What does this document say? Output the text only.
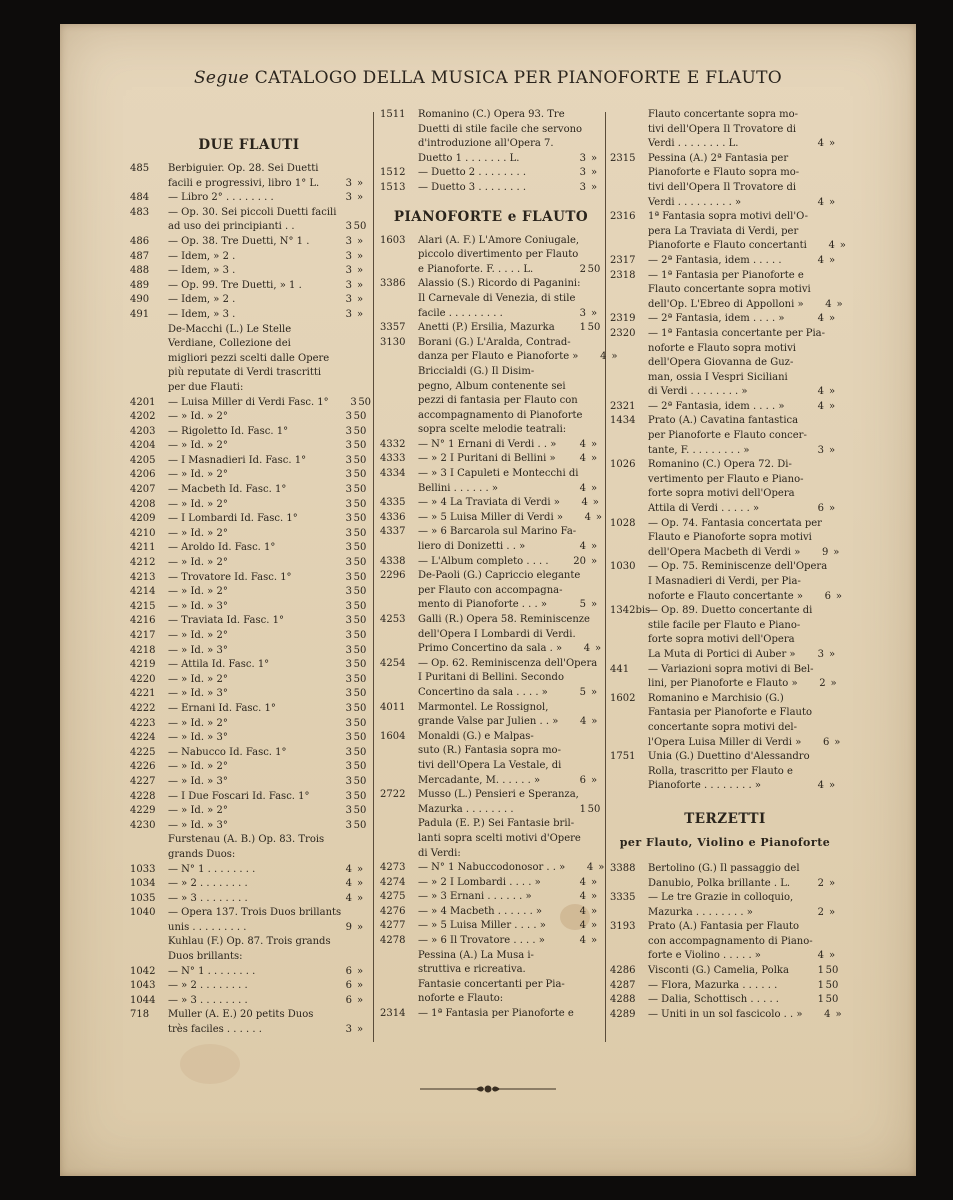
Segue CATALOGO DELLA MUSICA PER PIANOFORTE E FLAUTO
DUE FLAUTI
485	Berbiguier. Op. 28. Sei Duetti
facili e progressivi, libro 1° L.	3 »
484	— Libro 2° . . . . . . . .	3 »
483	— Op. 30. Sei piccoli Duetti facili
ad uso dei principianti . .	3 50
486	— Op. 38. Tre Duetti, N° 1 .	3 »
487	— Idem, » 2 .	3 »
488	— Idem, » 3 .	3 »
489	— Op. 99. Tre Duetti, » 1 .	3 »
490	— Idem, » 2 .	3 »
491	— Idem, » 3 .	3 »
De-Macchi (L.) Le Stelle
Verdiane, Collezione dei
migliori pezzi scelti dalle Opere
più reputate di Verdi trascritti
per due Flauti:
4201	— Luisa Miller di Verdi Fasc. 1°	3 50
4202	— » Id. » 2°	3 50
4203	— Rigoletto Id. Fasc. 1°	3 50
4204	— » Id. » 2°	3 50
4205	— I Masnadieri Id. Fasc. 1°	3 50
4206	— » Id. » 2°	3 50
4207	— Macbeth Id. Fasc. 1°	3 50
4208	— » Id. » 2°	3 50
4209	— I Lombardi Id. Fasc. 1°	3 50
4210	— » Id. » 2°	3 50
4211	— Aroldo Id. Fasc. 1°	3 50
4212	— » Id. » 2°	3 50
4213	— Trovatore Id. Fasc. 1°	3 50
4214	— » Id. » 2°	3 50
4215	— » Id. » 3°	3 50
4216	— Traviata Id. Fasc. 1°	3 50
4217	— » Id. » 2°	3 50
4218	— » Id. » 3°	3 50
4219	— Attila Id. Fasc. 1°	3 50
4220	— » Id. » 2°	3 50
4221	— » Id. » 3°	3 50
4222	— Ernani Id. Fasc. 1°	3 50
4223	— » Id. » 2°	3 50
4224	— » Id. » 3°	3 50
4225	— Nabucco Id. Fasc. 1°	3 50
4226	— » Id. » 2°	3 50
4227	— » Id. » 3°	3 50
4228	— I Due Foscari Id. Fasc. 1°	3 50
4229	— » Id. » 2°	3 50
4230	— » Id. » 3°	3 50
Furstenau (A. B.) Op. 83. Trois
grands Duos:
1033	— N° 1 . . . . . . . .	4 »
1034	— » 2 . . . . . . . .	4 »
1035	— » 3 . . . . . . . .	4 »
1040	— Opera 137. Trois Duos brillants
unis . . . . . . . . .	9 »
Kuhlau (F.) Op. 87. Trois grands
Duos brillants:
1042	— N° 1 . . . . . . . .	6 »
1043	— » 2 . . . . . . . .	6 »
1044	— » 3 . . . . . . . .	6 »
718	Muller (A. E.) 20 petits Duos
très faciles . . . . . .	3 »
1511	Romanino (C.) Opera 93. Tre
Duetti di stile facile che servono
d'introduzione all'Opera 7.
Duetto 1 . . . . . . . L.	3 »
1512	— Duetto 2 . . . . . . . .	3 »
1513	— Duetto 3 . . . . . . . .	3 »
PIANOFORTE e FLAUTO
1603	Alari (A. F.) L'Amore Coniugale,
piccolo divertimento per Flauto
e Pianoforte. F. . . . . L.	2 50
3386	Alassio (S.) Ricordo di Paganini:
Il Carnevale di Venezia, di stile
facile . . . . . . . . .	3 »
3357	Anetti (P.) Ersilia, Mazurka	1 50
3130	Borani (G.) L'Aralda, Contrad-
danza per Flauto e Pianoforte »	4 »
Briccialdi (G.) Il Disim-
pegno, Album contenente sei
pezzi di fantasia per Flauto con
accompagnamento di Pianoforte
sopra scelte melodie teatrali:
4332	— N° 1 Ernani di Verdi . . »	4 »
4333	— » 2 I Puritani di Bellini »	4 »
4334	— » 3 I Capuleti e Montecchi di
Bellini . . . . . . »	4 »
4335	— » 4 La Traviata di Verdi »	4 »
4336	— » 5 Luisa Miller di Verdi »	4 »
4337	— » 6 Barcarola sul Marino Fa-
liero di Donizetti . . »	4 »
4338	— L'Album completo . . . .	20 »
2296	De-Paoli (G.) Capriccio elegante
per Flauto con accompagna-
mento di Pianoforte . . . »	5 »
4253	Galli (R.) Opera 58. Reminiscenze
dell'Opera I Lombardi di Verdi.
Primo Concertino da sala . »	4 »
4254	— Op. 62. Reminiscenza dell'Opera
I Puritani di Bellini. Secondo
Concertino da sala . . . . »	5 »
4011	Marmontel. Le Rossignol,
grande Valse par Julien . . »	4 »
1604	Monaldi (G.) e Malpas-
suto (R.) Fantasia sopra mo-
tivi dell'Opera La Vestale, di
Mercadante, M. . . . . . »	6 »
2722	Musso (L.) Pensieri e Speranza,
Mazurka . . . . . . . .	1 50
Padula (E. P.) Sei Fantasie bril-
lanti sopra scelti motivi d'Opere
di Verdi:
4273	— N° 1 Nabuccodonosor . . »	4 »
4274	— » 2 I Lombardi . . . . »	4 »
4275	— » 3 Ernani . . . . . . »	4 »
4276	— » 4 Macbeth . . . . . . »	4 »
4277	— » 5 Luisa Miller . . . . »	4 »
4278	— » 6 Il Trovatore . . . . »	4 »
Pessina (A.) La Musa i-
struttiva e ricreativa.
Fantasie concertanti per Pia-
noforte e Flauto:
2314	— 1ª Fantasia per Pianoforte e
Flauto concertante sopra mo-
tivi dell'Opera Il Trovatore di
Verdi . . . . . . . . L.	4 »
2315	Pessina (A.) 2ª Fantasia per
Pianoforte e Flauto sopra mo-
tivi dell'Opera Il Trovatore di
Verdi . . . . . . . . . »	4 »
2316	1ª Fantasia sopra motivi dell'O-
pera La Traviata di Verdi, per
Pianoforte e Flauto concertanti	4 »
2317	— 2ª Fantasia, idem . . . . .	4 »
2318	— 1ª Fantasia per Pianoforte e
Flauto concertante sopra motivi
dell'Op. L'Ebreo di Appolloni »	4 »
2319	— 2ª Fantasia, idem . . . . »	4 »
2320	— 1ª Fantasia concertante per Pia-
noforte e Flauto sopra motivi
dell'Opera Giovanna de Guz-
man, ossia I Vespri Siciliani
di Verdi . . . . . . . . »	4 »
2321	— 2ª Fantasia, idem . . . . »	4 »
1434	Prato (A.) Cavatina fantastica
per Pianoforte e Flauto concer-
tante, F. . . . . . . . . »	3 »
1026	Romanino (C.) Opera 72. Di-
vertimento per Flauto e Piano-
forte sopra motivi dell'Opera
Attila di Verdi . . . . . »	6 »
1028	— Op. 74. Fantasia concertata per
Flauto e Pianoforte sopra motivi
dell'Opera Macbeth di Verdi »	9 »
1030	— Op. 75. Reminiscenze dell'Opera
I Masnadieri di Verdi, per Pia-
noforte e Flauto concertante »	6 »
1342bis
— Op. 89. Duetto concertante di
stile facile per Flauto e Piano-
forte sopra motivi dell'Opera
La Muta di Portici di Auber »	3 »
441	— Variazioni sopra motivi di Bel-
lini, per Pianoforte e Flauto »	2 »
1602	Romanino e Marchisio (G.)
Fantasia per Pianoforte e Flauto
concertante sopra motivi del-
l'Opera Luisa Miller di Verdi »	6 »
1751	Unia (G.) Duettino d'Alessandro
Rolla, trascritto per Flauto e
Pianoforte . . . . . . . . »	4 »
TERZETTI
per Flauto, Violino e Pianoforte
3388	Bertolino (G.) Il passaggio del
Danubio, Polka brillante . L.	2 »
3335	— Le tre Grazie in colloquio,
Mazurka . . . . . . . . »	2 »
3193	Prato (A.) Fantasia per Flauto
con accompagnamento di Piano-
forte e Violino . . . . . »	4 »
4286	Visconti (G.) Camelia, Polka	1 50
4287	— Flora, Mazurka . . . . . .	1 50
4288	— Dalia, Schottisch . . . . .	1 50
4289	— Uniti in un sol fascicolo . . »	4 »
